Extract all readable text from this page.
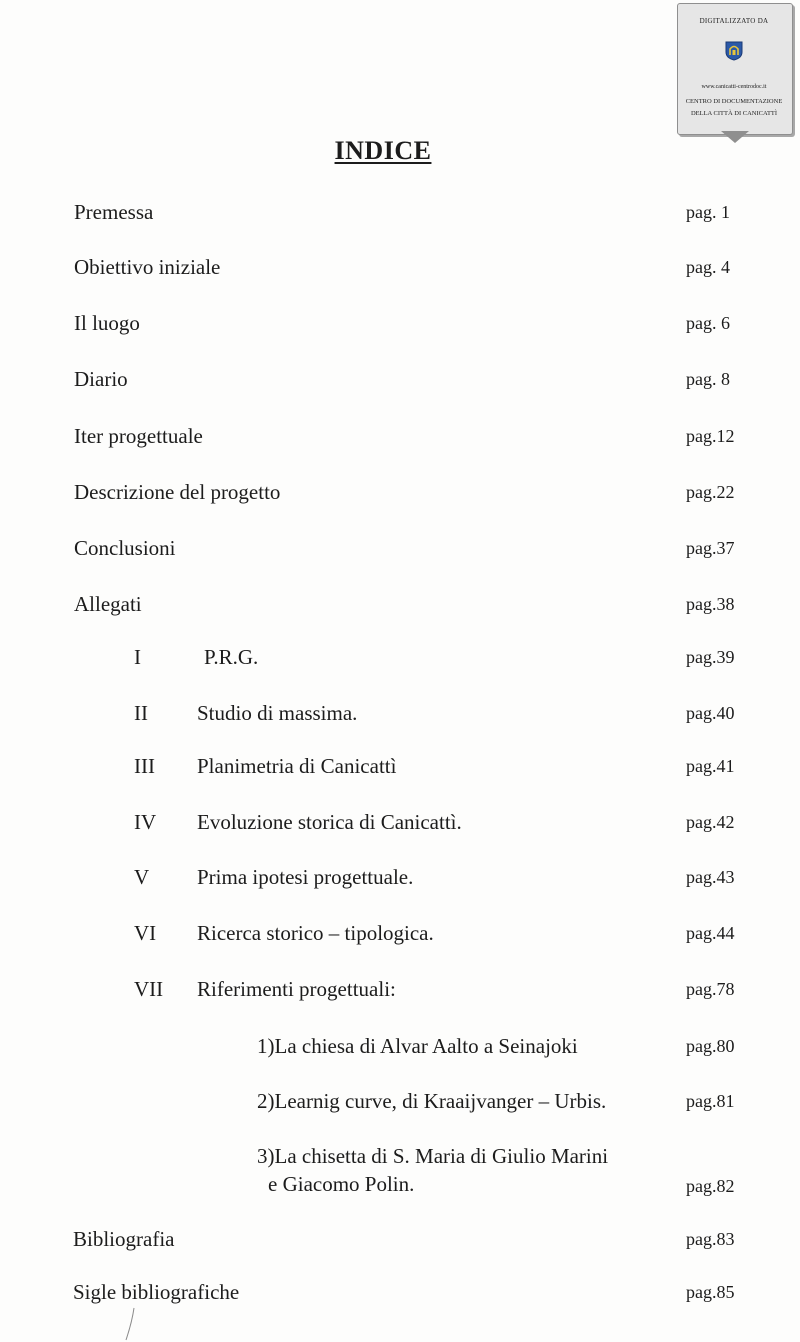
DIGITALIZZATO DA
www.canicatti-centrodoc.it
CENTRO DI DOCUMENTAZIONE
DELLA CITTÀ DI CANICATTÌ
INDICE
Premessa	pag. 1
Obiettivo iniziale	pag. 4
Il luogo	pag. 6
Diario	pag. 8
Iter progettuale	pag.12
Descrizione del progetto	pag.22
Conclusioni	pag.37
Allegati	pag.38
I	P.R.G.	pag.39
II Studio di massima.	pag.40
III Planimetria di Canicattì	pag.41
IV Evoluzione storica di Canicattì.	pag.42
V Prima ipotesi progettuale.	pag.43
VI Ricerca storico – tipologica.	pag.44
VII Riferimenti progettuali:	pag.78
1)La chiesa di Alvar Aalto a Seinajoki	pag.80
2)Learnig curve, di Kraaijvanger – Urbis.	pag.81
3)La chisetta di S. Maria di Giulio Marini
e Giacomo Polin.	pag.82
Bibliografia	pag.83
Sigle bibliografiche	pag.85
